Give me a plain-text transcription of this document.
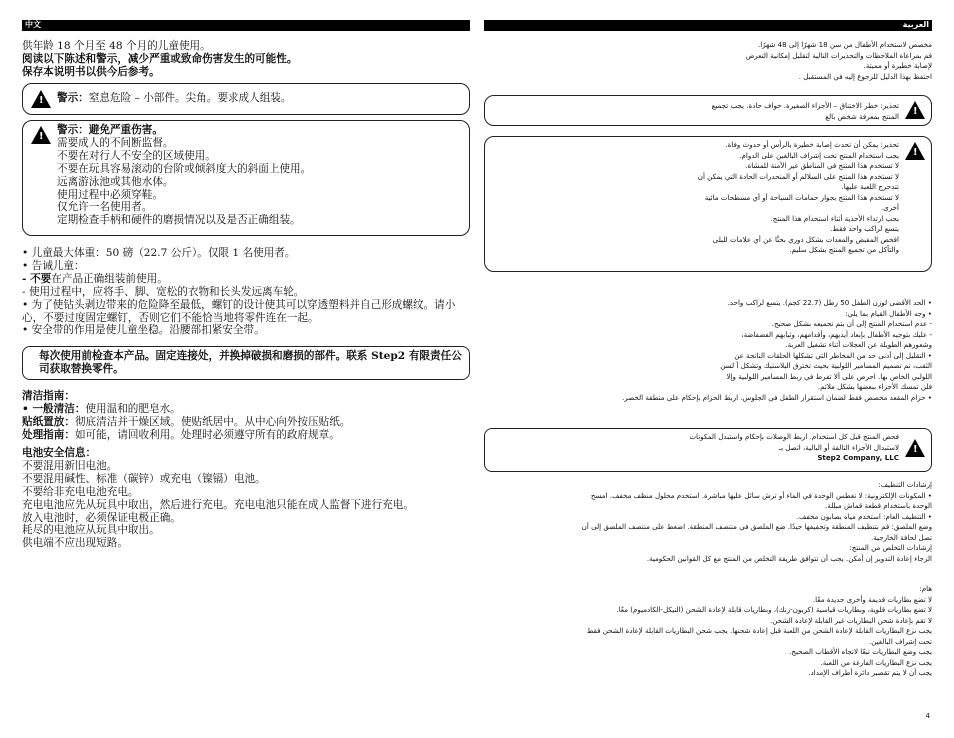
中文	العربية
供年龄 18 个月至 48 个月的儿童使用。
阅读以下陈述和警示，减少严重或致命伤害发生的可能性。
保存本说明书以供今后参考。
!
警示：窒息危险 – 小部件。尖角。要求成人组装。
!
警示：避免严重伤害。
需要成人的不间断监督。
不要在对行人不安全的区域使用。
不要在玩具容易滚动的台阶或倾斜度大的斜面上使用。
远离游泳池或其他水体。
使用过程中必须穿鞋。
仅允许一名使用者。
定期检查手柄和硬件的磨损情况以及是否正确组装。
• 儿童最大体重：50 磅（22.7 公斤）。仅限 1 名使用者。
• 告诫儿童：
- 不要在产品正确组装前使用。
- 使用过程中，应将手、脚、宽松的衣物和长头发远离车轮。
• 为了使钻头剥边带来的危险降至最低，螺钉的设计使其可以穿透塑料并自己形成螺纹。请小心，不要过度固定螺钉，否则它们不能恰当地将零件连在一起。
• 安全带的作用是使儿童坐稳。沿腰部扣紧安全带。
每次使用前检查本产品。固定连接处，并换掉破损和磨损的部件。联系 Step2 有限责任公司获取替换零件。
清洁指南：
• 一般清洁：使用温和的肥皂水。
贴纸置放：彻底清洁并干燥区域。使贴纸居中。从中心向外按压贴纸。
处理指南：如可能，请回收利用。处理时必须遵守所有的政府规章。
电池安全信息：
不要混用新旧电池。
不要混用碱性、标准（碳锌）或充电（镍镉）电池。
不要给非充电电池充电。
充电电池应先从玩具中取出，然后进行充电。充电电池只能在成人监督下进行充电。
放入电池时，必须保证电极正确。
耗尽的电池应从玩具中取出。
供电端不应出现短路。
مخصص لاستخدام الأطفال من سن 18 شهرًا إلى 48 شهرًا.
قم بمراعاة الملاحظات والتحذيرات التالية لتقليل إمكانية التعرض
لإصابة خطيرة أو مميتة.
احتفظ بهذا الدليل للرجوع إليه في المستقبل .
!
تحذير: خطر الاختناق – الأجزاء الصغيرة. حواف حادة. يجب تجميع
المنتج بمعرفة شخص بالغ
!
تحذير: يمكن أن تحدث إصابة خطيرة بالرأس أو حدوث وفاة.
يجب استخدام المنتج تحت إشراف البالغين على الدوام.
لا تستخدم هذا المنتج في المناطق غير الآمنة للمشاة.
لا تستخدم هذا المنتج على السلالم أو المنحدرات الحادة التي يمكن أن
تتدحرج اللعبة عليها.
لا تستخدم هذا المنتج بجوار حمامات السباحة أو أي مسطحات مائية
أخرى.
يجب ارتداء الأحذية أثناء استخدام هذا المنتج.
يتسع لراكب واحد فقط.
افحص المقبض والمعدات بشكل دوري بحثًا عن أي علامات للبلى
والتآكل من تجميع المنتج بشكل سليم.
• الحد الأقصى لوزن الطفل 50 رطل (22.7 كجم). يتسع لراكب واحد.
• وجه الأطفال القيام بما يلي:
- عدم استخدام المنتج إلى أن يتم تجميعه بشكل صحيح.
- عليك بتوجيه الأطفال بإبعاد أيديهم، وأقدامهم، وثيابهم الفضفاضة،
وشعورهم الطويلة عن العجلات أثناء تشغيل العربة.
• التقليل إلى أدنى حد من المخاطر التي تشكلها الحلقات الناتجة عن
الثقب، تم تصميم المسامير اللولبية بحيث تخترق البلاستيك وتشكل أ لسن
اللولبي الخاص بها. احرص على ألا تفرط في ربط المسامير اللولبية وإلا
فلن تمسك الأجزاء ببعضها بشكل ملائم.
• حزام المقعد مخصص فقط لضمان استقرار الطفل في الجلوس. اربط الحزام بإحكام على منطقة الخصر.
!
فحص المنتج قبل كل استخدام. اربط الوصلات بإحكام واستبدل المكونات
لاستبدال الأجزاء التالفة أو البالية، اتصل بـ
Step2 Company, LLC
إرشادات التنظيف:
• المكونات الإلكترونية: لا تغطس الوحدة في الماء أو ترش سائل عليها مباشرة. استخدم محلول منظف مخفف. امسح
الوحدة باستخدام قطعة قماش مبللة.
• التنظيف العام: استخدم مياه بصابون مخفف.
وضع الملصق: قم بتنظيف المنطقة وتجفيفها جيدًا. ضع الملصق في منتصف المنطقة. اضغط على منتصف الملصق إلى أن
تصل لحافة الخارجية.
إرشادات التخلص من المنتج:
الرجاء إعادة التدوير إن أمكن. يجب أن تتوافق طريقة التخلص من المنتج مع كل القوانين الحكومية.
هام:
لا تضع بطاريات قديمة وأخرى جديدة معًا.
لا تضع بطاريات قلوية، وبطاريات قياسية (كربون-زنك)، وبطاريات قابلة لإعادة الشحن (النيكل-الكادميوم) معًا.
لا تقم بإعادة شحن البطاريات غير القابلة لإعادة الشحن.
يجب نزع البطاريات القابلة لإعادة الشحن من اللعبة قبل إعادة شحنها. يجب شحن البطاريات القابلة لإعادة الشحن فقط
تحت إشراف البالغين.
يجب وضع البطاريات تبعًا لاتجاه الأقطاب الصحيح.
يجب نزع البطاريات الفارغة من اللعبة.
يجب أن لا يتم تقصير دائرة أطراف الإمداد.
4
